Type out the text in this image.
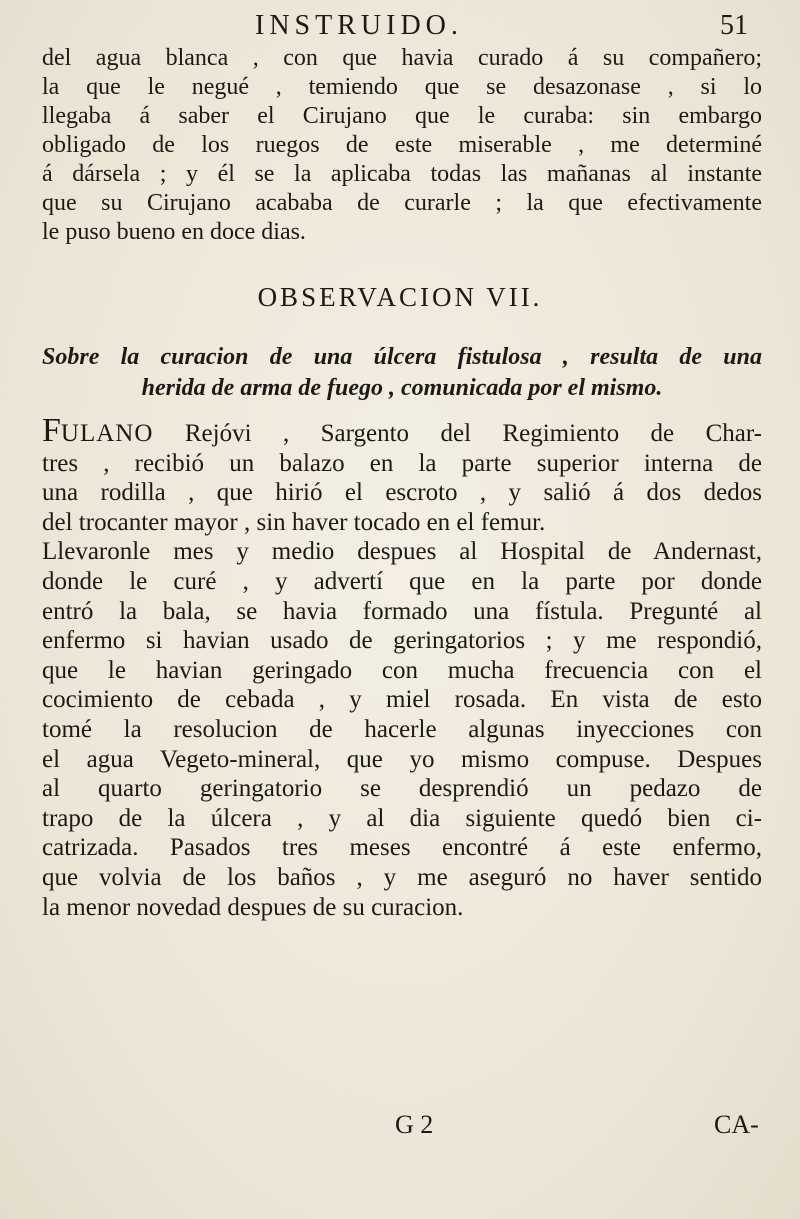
INSTRUIDO.	51
del agua blanca , con que havia curado á su compañero;
la que le negué , temiendo que se desazonase , si lo
llegaba á saber el Cirujano que le curaba: sin embargo
obligado de los ruegos de este miserable , me determiné
á dársela ; y él se la aplicaba todas las mañanas al instante
que su Cirujano acababa de curarle ; la que efectivamente
le puso bueno en doce dias.
OBSERVACION VII.
Sobre la curacion de una úlcera fistulosa , resulta de una
herida de arma de fuego , comunicada por el mismo.
FULANO Rejóvi , Sargento del Regimiento de Char-
tres , recibió un balazo en la parte superior interna de
una rodilla , que hirió el escroto , y salió á dos dedos
del trocanter mayor , sin haver tocado en el femur.
Llevaronle mes y medio despues al Hospital de Andernast,
donde le curé , y advertí que en la parte por donde
entró la bala, se havia formado una fístula. Pregunté al
enfermo si havian usado de geringatorios ; y me respondió,
que le havian geringado con mucha frecuencia con el
cocimiento de cebada , y miel rosada. En vista de esto
tomé la resolucion de hacerle algunas inyecciones con
el agua Vegeto-mineral, que yo mismo compuse. Despues
al quarto geringatorio se desprendió un pedazo de
trapo de la úlcera , y al dia siguiente quedó bien ci-
catrizada. Pasados tres meses encontré á este enfermo,
que volvia de los baños , y me aseguró no haver sentido
la menor novedad despues de su curacion.
G 2	CA-
